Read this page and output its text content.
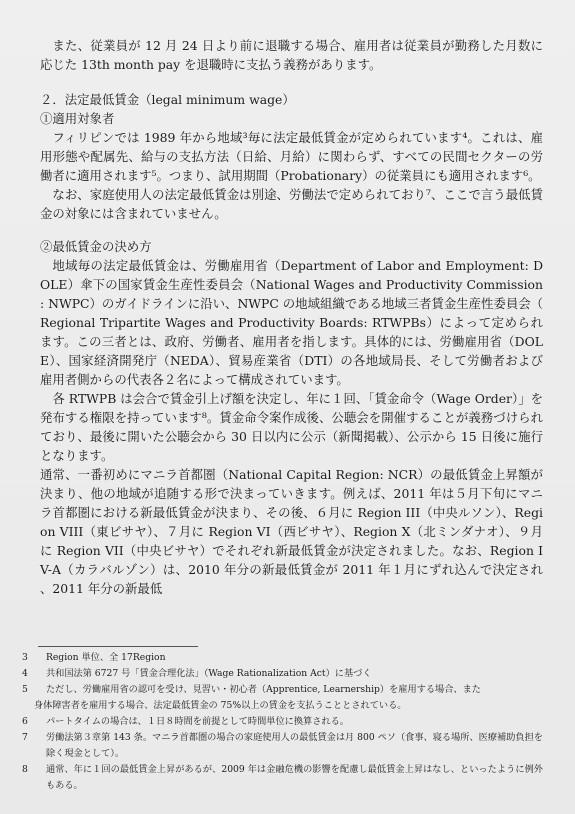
また、従業員が 12 月 24 日より前に退職する場合、雇用者は従業員が勤務した月数に応じた 13th month pay を退職時に支払う義務があります。

２．法定最低賃金（legal minimum wage）

①適用対象者

フィリピンでは 1989 年から地域³毎に法定最低賃金が定められています⁴。これは、雇用形態や配属先、給与の支払方法（日給、月給）に関わらず、すべての民間セクターの労働者に適用されます⁵。つまり、試用期間（Probationary）の従業員にも適用されます⁶。

なお、家庭使用人の法定最低賃金は別途、労働法で定められており⁷、ここで言う最低賃金の対象には含まれていません。

②最低賃金の決め方

地域毎の法定最低賃金は、労働雇用省（Department of Labor and Employment: DOLE）傘下の国家賃金生産性委員会（National Wages and Productivity Commission: NWPC）のガイドラインに沿い、NWPC の地域組織である地域三者賃金生産性委員会（Regional Tripartite Wages and Productivity Boards: RTWPBs）によって定められます。この三者とは、政府、労働者、雇用者を指します。具体的には、労働雇用省（DOLE）、国家経済開発庁（NEDA）、貿易産業省（DTI）の各地域局長、そして労働者および雇用者側からの代表各２名によって構成されています。

各 RTWPB は会合で賃金引上げ額を決定し、年に１回、「賃金命令（Wage Order）」を発布する権限を持っています⁸。賃金命令案作成後、公聴会を開催することが義務づけられており、最後に開いた公聴会から 30 日以内に公示（新聞掲載）、公示から 15 日後に施行となります。

通常、一番初めにマニラ首都圏（National Capital Region: NCR）の最低賃金上昇額が決まり、他の地域が追随する形で決まっていきます。例えば、2011 年は５月下旬にマニラ首都圏における新最低賃金が決まり、その後、６月に Region III（中央ルソン）、Region VIII（東ビサヤ）、７月に Region VI（西ビサヤ）、Region X（北ミンダナオ）、９月に Region VII（中央ビサヤ）でそれぞれ新最低賃金が決定されました。なお、Region IV-A（カラバルゾン）は、2010 年分の新最低賃金が 2011 年１月にずれ込んで決定され、2011 年分の新最低

3 Region 単位、全 17Region

4 共和国法第 6727 号「賃金合理化法」（Wage Rationalization Act）に基づく

5 ただし、労働雇用省の認可を受け、見習い・初心者（Apprentice, Learnership）を雇用する場合、また

身体障害者を雇用する場合、法定最低賃金の 75%以上の賃金を支払うこととされている。

6 パートタイムの場合は、１日８時間を前提として時間単位に換算される。

7 労働法第３章第 143 条。マニラ首都圏の場合の家庭使用人の最低賃金は月 800 ペソ（食事、寝る場所、医療補助負担を除く現金として）。

8 通常、年に１回の最低賃金上昇があるが、2009 年は金融危機の影響を配慮し最低賃金上昇はなし、といったように例外もある。
